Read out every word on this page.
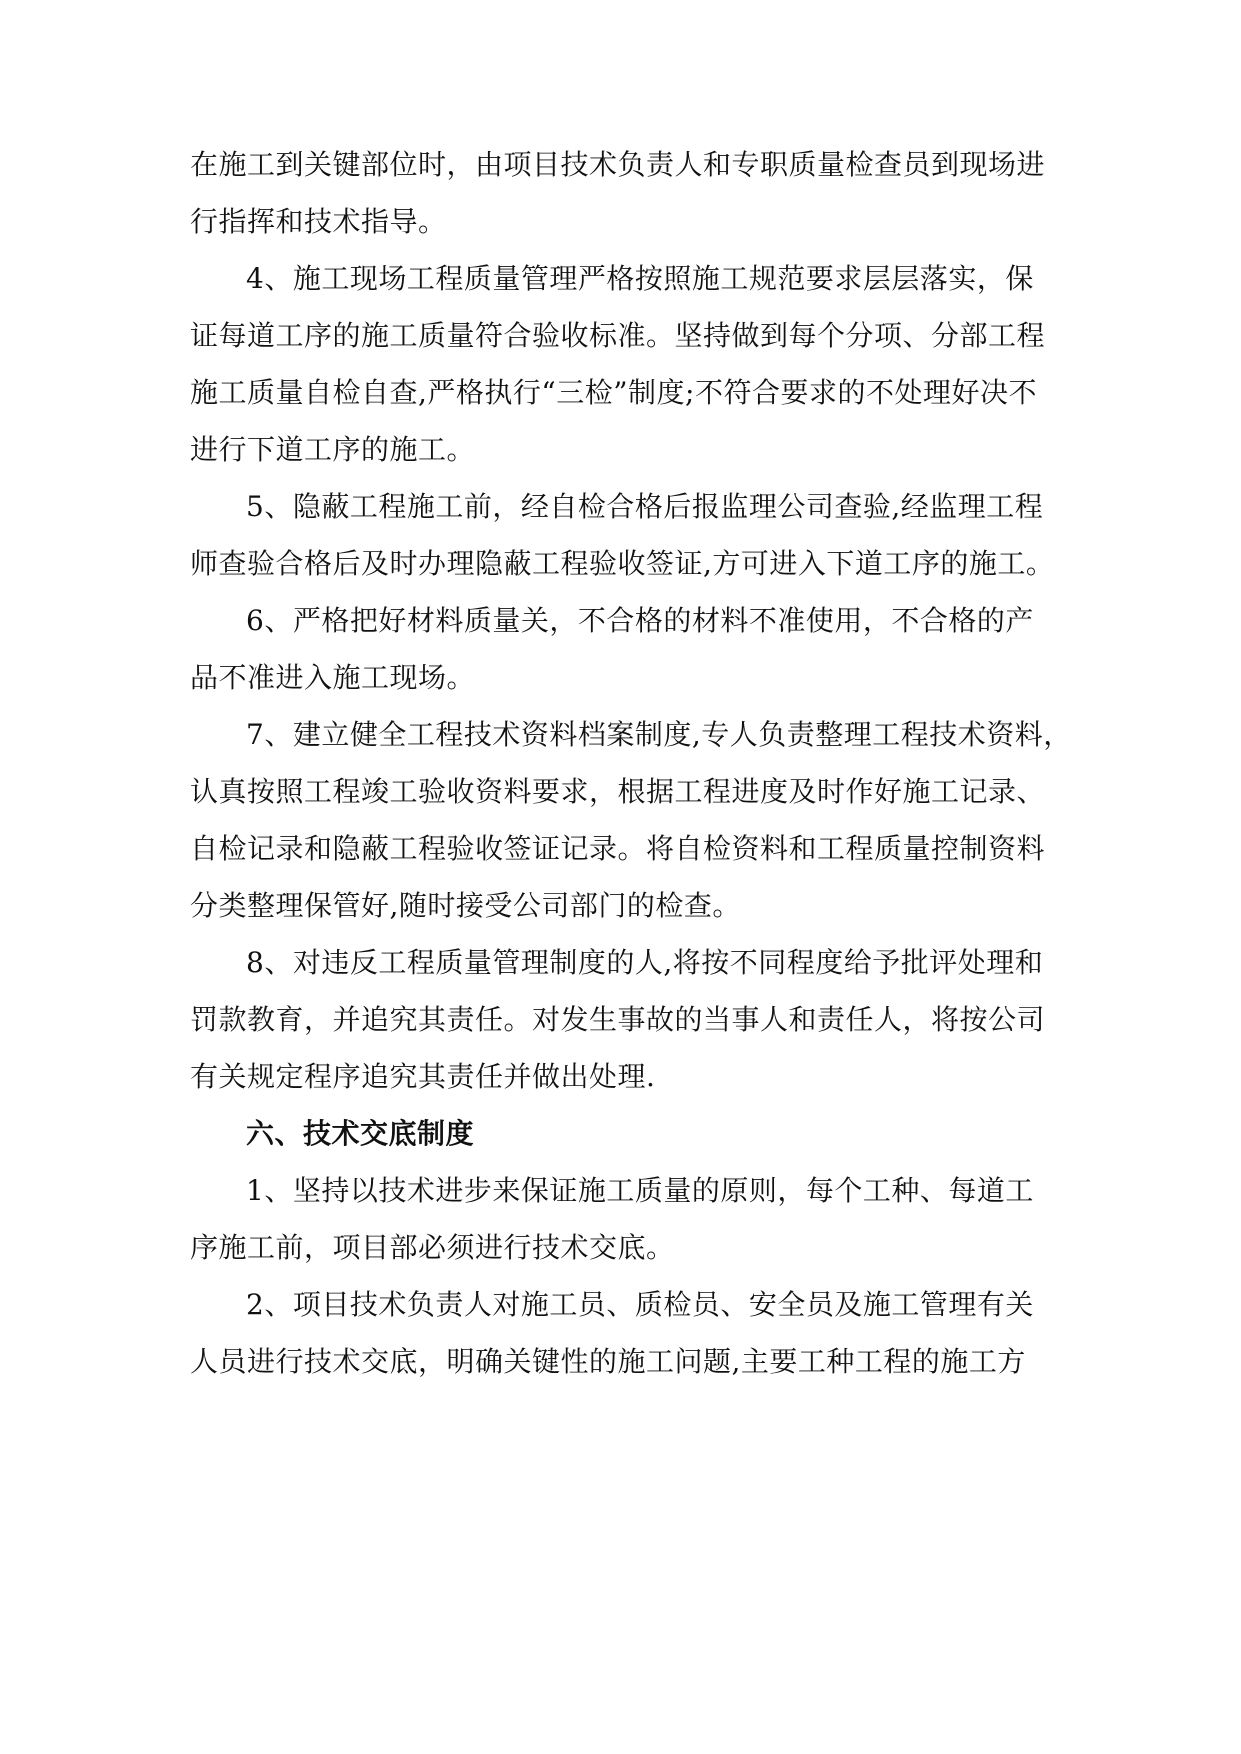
在施工到关键部位时，由项目技术负责人和专职质量检查员到现场进
行指挥和技术指导。
4、施工现场工程质量管理严格按照施工规范要求层层落实，保
证每道工序的施工质量符合验收标准。坚持做到每个分项、分部工程
施工质量自检自查,严格执行“三检”制度;不符合要求的不处理好决不
进行下道工序的施工。
5、隐蔽工程施工前，经自检合格后报监理公司查验,经监理工程
师查验合格后及时办理隐蔽工程验收签证,方可进入下道工序的施工。
6、严格把好材料质量关，不合格的材料不准使用，不合格的产
品不准进入施工现场。
7、建立健全工程技术资料档案制度,专人负责整理工程技术资料，
认真按照工程竣工验收资料要求，根据工程进度及时作好施工记录、
自检记录和隐蔽工程验收签证记录。将自检资料和工程质量控制资料
分类整理保管好,随时接受公司部门的检查。
8、对违反工程质量管理制度的人,将按不同程度给予批评处理和
罚款教育，并追究其责任。对发生事故的当事人和责任人，将按公司
有关规定程序追究其责任并做出处理.
六、技术交底制度
1、坚持以技术进步来保证施工质量的原则，每个工种、每道工
序施工前，项目部必须进行技术交底。
2、项目技术负责人对施工员、质检员、安全员及施工管理有关
人员进行技术交底，明确关键性的施工问题,主要工种工程的施工方
